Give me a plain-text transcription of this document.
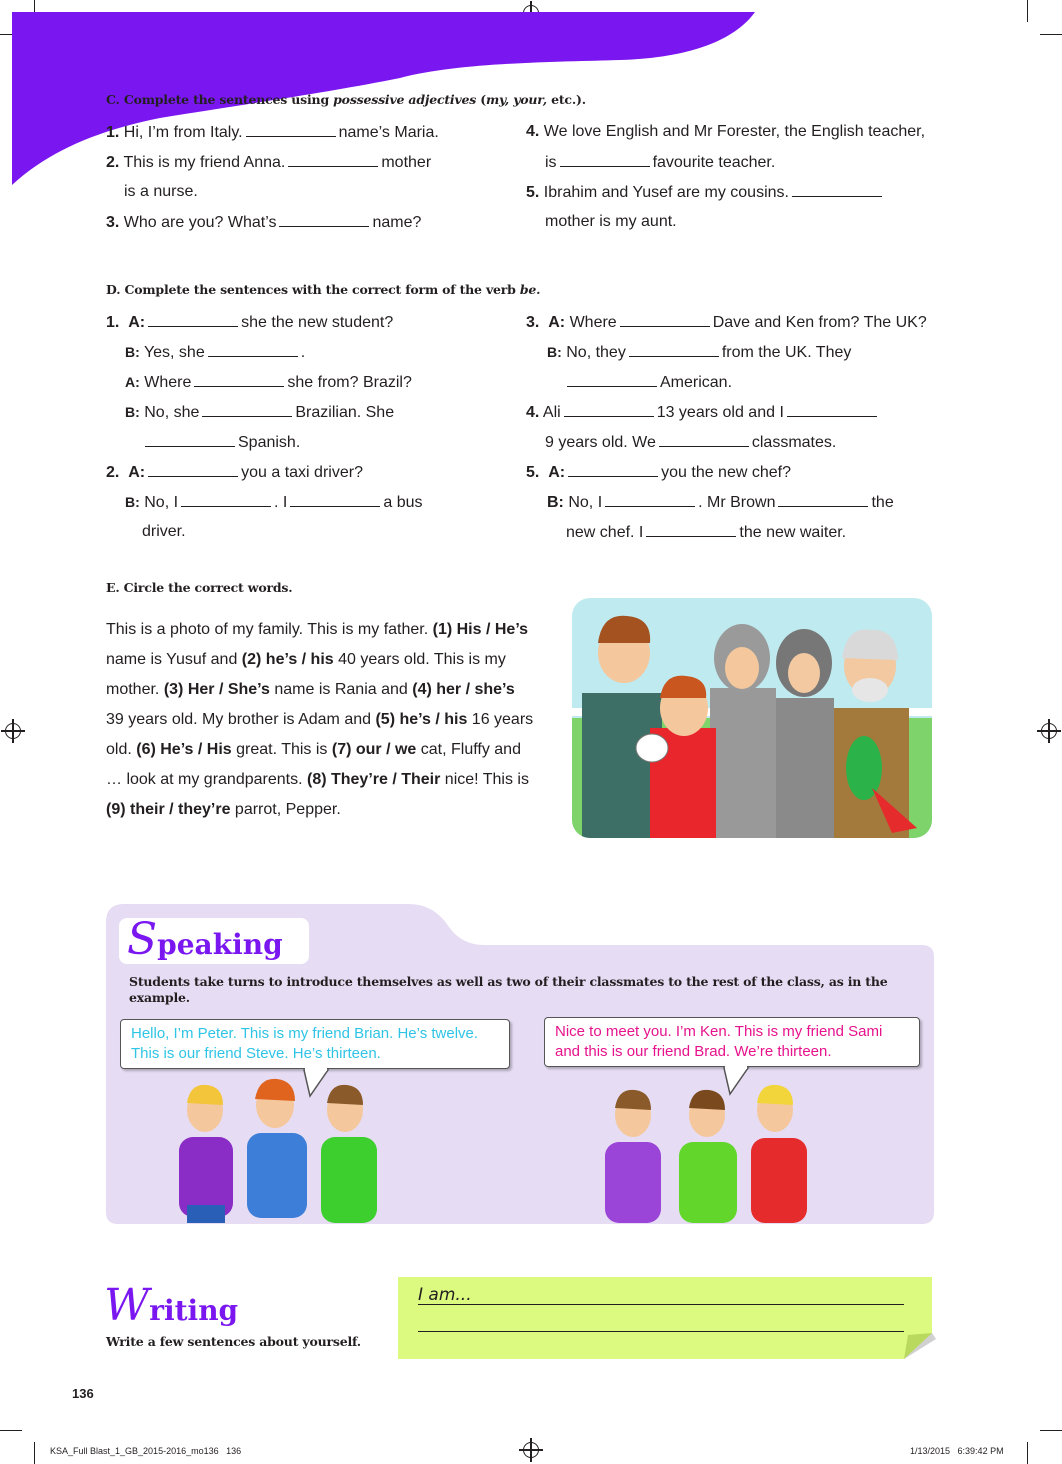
C. Complete the sentences using possessive adjectives (my, your, etc.).
1. Hi, I’m from Italy.	name’s Maria.
2. This is my friend Anna.	mother
is a nurse.
3. Who are you? What’s	name?
4. We love English and Mr Forester, the English teacher,
is	favourite teacher.
5. Ibrahim and Yusef are my cousins.
mother is my aunt.
D. Complete the sentences with the correct form of the verb be.
1. A:	she the new student?
B: Yes, she	.
A: Where	she from? Brazil?
B: No, she	Brazilian. She
Spanish.
2. A:	you a taxi driver?
B: No, I	. I	a bus
driver.
3. A: Where	Dave and Ken from? The UK?
B: No, they	from the UK. They
American.
4. Ali	13 years old and I
9 years old. We	classmates.
5. A:	you the new chef?
B: No, I	. Mr Brown	the
new chef. I	the new waiter.
E. Circle the correct words.
This is a photo of my family. This is my father. (1) His / He’s name is Yusuf and (2) he’s / his 40 years old. This is my mother. (3) Her / She’s name is Rania and (4) her / she’s 39 years old. My brother is Adam and (5) he’s / his 16 years old. (6) He’s / His great. This is (7) our / we cat, Fluffy and … look at my grandparents. (8) They’re / Their nice! This is (9) their / they’re parrot, Pepper.
Speaking
Students take turns to introduce themselves as well as two of their classmates to the rest of the class, as in the example.
Hello, I’m Peter. This is my friend Brian. He’s twelve. This is our friend Steve. He’s thirteen.
Nice to meet you. I’m Ken. This is my friend Sami and this is our friend Brad. We’re thirteen.
Writing
Write a few sentences about yourself.
I am...
136
KSA_Full Blast_1_GB_2015-2016_mo136   136	1/13/2015   6:39:42 PM
